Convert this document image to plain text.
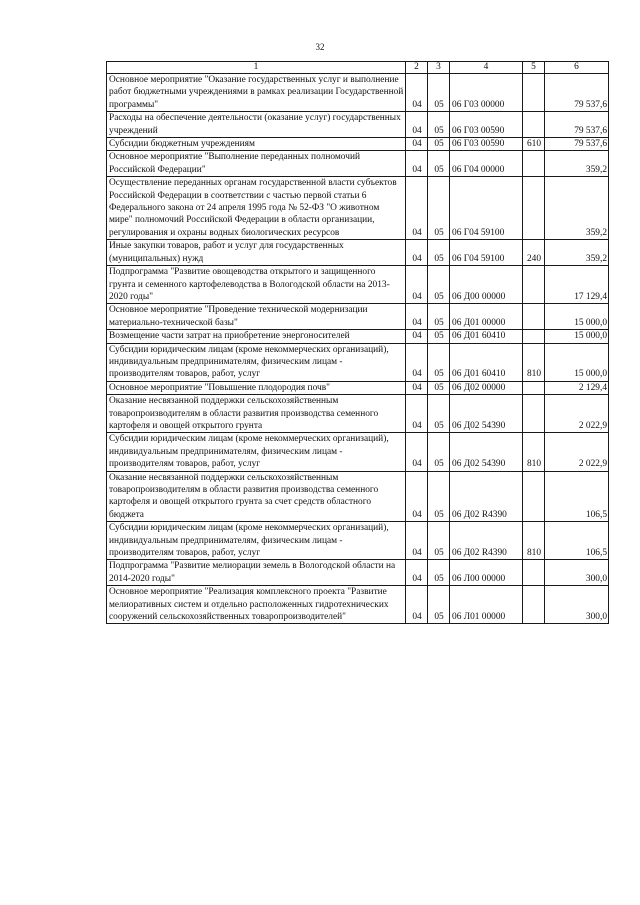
32
1	2	3	4	5	6
Основное мероприятие "Оказание государственных услуг и выполнение работ бюджетными учреждениями в рамках реализации Государственной программы"	04	05	06 Г03 00000		79 537,6
Расходы на обеспечение деятельности (оказание услуг) государственных учреждений	04	05	06 Г03 00590		79 537,6
Субсидии бюджетным учреждениям	04	05	06 Г03 00590	610	79 537,6
Основное мероприятие "Выполнение переданных полномочий Российской Федерации"	04	05	06 Г04 00000		359,2
Осуществление переданных органам государственной власти субъектов Российской Федерации в соответствии с частью первой статьи 6 Федерального закона от 24 апреля 1995 года № 52-ФЗ "О животном мире" полномочий Российской Федерации в области организации, регулирования и охраны водных биологических ресурсов	04	05	06 Г04 59100		359,2
Иные закупки товаров, работ и услуг для государственных (муниципальных) нужд	04	05	06 Г04 59100	240	359,2
Подпрограмма "Развитие овощеводства открытого и защищенного грунта и семенного картофелеводства в Вологодской области на 2013-2020 годы"	04	05	06 Д00 00000		17 129,4
Основное мероприятие "Проведение технической модернизации материально-технической базы"	04	05	06 Д01 00000		15 000,0
Возмещение части затрат на приобретение энергоносителей	04	05	06 Д01 60410		15 000,0
Субсидии юридическим лицам (кроме некоммерческих организаций), индивидуальным предпринимателям, физическим лицам - производителям товаров, работ, услуг	04	05	06 Д01 60410	810	15 000,0
Основное мероприятие "Повышение плодородия почв"	04	05	06 Д02 00000		2 129,4
Оказание несвязанной поддержки сельскохозяйственным товаропроизводителям в области развития производства семенного картофеля и овощей открытого грунта	04	05	06 Д02 54390		2 022,9
Субсидии юридическим лицам (кроме некоммерческих организаций), индивидуальным предпринимателям, физическим лицам - производителям товаров, работ, услуг	04	05	06 Д02 54390	810	2 022,9
Оказание несвязанной поддержки сельскохозяйственным товаропроизводителям в области развития производства семенного картофеля и овощей открытого грунта за счет средств областного бюджета	04	05	06 Д02 R4390		106,5
Субсидии юридическим лицам (кроме некоммерческих организаций), индивидуальным предпринимателям, физическим лицам - производителям товаров, работ, услуг	04	05	06 Д02 R4390	810	106,5
Подпрограмма "Развитие мелиорации земель в Вологодской области на 2014-2020 годы"	04	05	06 Л00 00000		300,0
Основное мероприятие "Реализация комплексного проекта "Развитие мелиоративных систем и отдельно расположенных гидротехнических сооружений сельскохозяйственных товаропроизводителей"	04	05	06 Л01 00000		300,0
